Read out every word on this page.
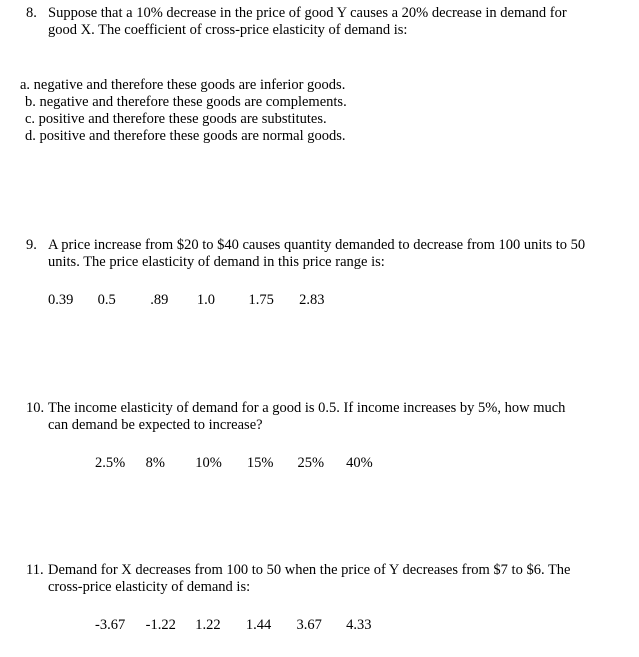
8. Suppose that a 10% decrease in the price of good Y causes a 20% decrease in demand for
good X. The coefficient of cross-price elasticity of demand is:
a. negative and therefore these goods are inferior goods.
b. negative and therefore these goods are complements.
c. positive and therefore these goods are substitutes.
d. positive and therefore these goods are normal goods.
9. A price increase from $20 to $40 causes quantity demanded to decrease from 100 units to 50
units. The price elasticity of demand in this price range is:
0.39 0.5 .89 1.0 1.75 2.83
10. The income elasticity of demand for a good is 0.5. If income increases by 5%, how much
can demand be expected to increase?
2.5% 8% 10% 15% 25% 40%
11. Demand for X decreases from 100 to 50 when the price of Y decreases from $7 to $6. The
cross-price elasticity of demand is:
-3.67 -1.22 1.22 1.44 3.67 4.33
